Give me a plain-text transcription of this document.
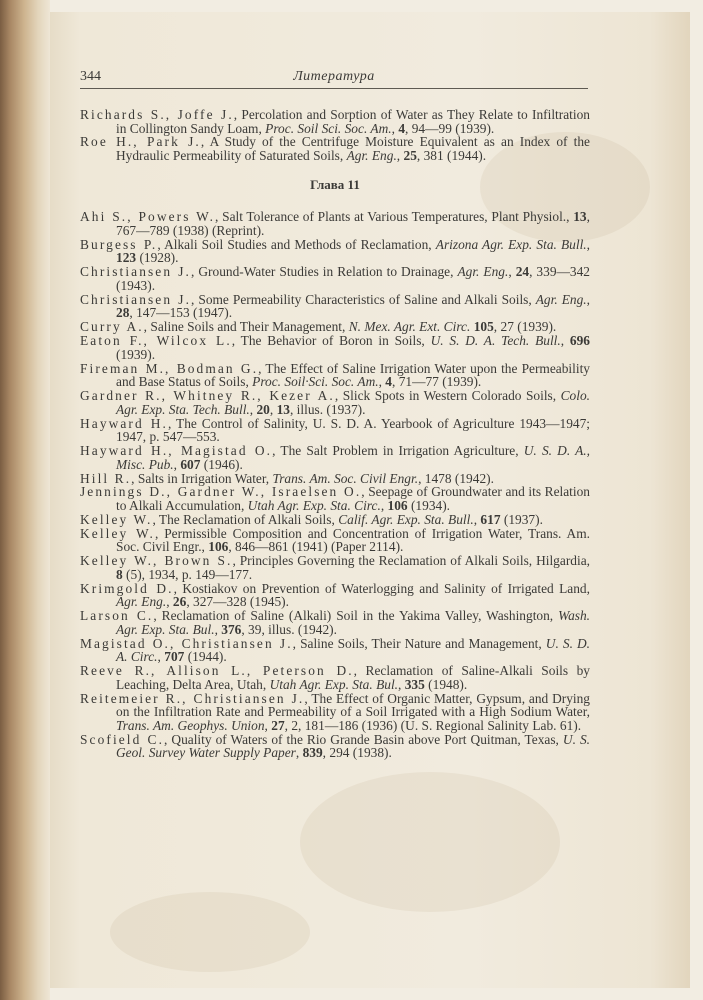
344	Литература

Richards S., Joffe J., Percolation and Sorption of Water as They Relate to Infiltration in Collington Sandy Loam, Proc. Soil Sci. Soc. Am., 4, 94—99 (1939).

Roe H., Park J., A Study of the Centrifuge Moisture Equivalent as an Index of the Hydraulic Permeability of Saturated Soils, Agr. Eng., 25, 381 (1944).

Глава 11

Ahi S., Powers W., Salt Tolerance of Plants at Various Temperatures, Plant Physiol., 13, 767—789 (1938) (Reprint).

Burgess P., Alkali Soil Studies and Methods of Reclamation, Arizona Agr. Exp. Sta. Bull., 123 (1928).

Christiansen J., Ground-Water Studies in Relation to Drainage, Agr. Eng., 24, 339—342 (1943).

Christiansen J., Some Permeability Characteristics of Saline and Alkali Soils, Agr. Eng., 28, 147—153 (1947).

Curry A., Saline Soils and Their Management, N. Mex. Agr. Ext. Circ. 105, 27 (1939).

Eaton F., Wilcox L., The Behavior of Boron in Soils, U. S. D. A. Tech. Bull., 696 (1939).

Fireman M., Bodman G., The Effect of Saline Irrigation Water upon the Permeability and Base Status of Soils, Proc. Soil·Sci. Soc. Am., 4, 71—77 (1939).

Gardner R., Whitney R., Kezer A., Slick Spots in Western Colorado Soils, Colo. Agr. Exp. Sta. Tech. Bull., 20, 13, illus. (1937).

Hayward H., The Control of Salinity, U. S. D. A. Yearbook of Agriculture 1943—1947; 1947, p. 547—553.

Hayward H., Magistad O., The Salt Problem in Irrigation Agriculture, U. S. D. A., Misc. Pub., 607 (1946).

Hill R., Salts in Irrigation Water, Trans. Am. Soc. Civil Engr., 1478 (1942).

Jennings D., Gardner W., Israelsen O., Seepage of Groundwater and its Relation to Alkali Accumulation, Utah Agr. Exp. Sta. Circ., 106 (1934).

Kelley W., The Reclamation of Alkali Soils, Calif. Agr. Exp. Sta. Bull., 617 (1937).

Kelley W., Permissible Composition and Concentration of Irrigation Water, Trans. Am. Soc. Civil Engr., 106, 846—861 (1941) (Paper 2114).

Kelley W., Brown S., Principles Governing the Reclamation of Alkali Soils, Hilgardia, 8 (5), 1934, p. 149—177.

Krimgold D., Kostiakov on Prevention of Waterlogging and Salinity of Irrigated Land, Agr. Eng., 26, 327—328 (1945).

Larson C., Reclamation of Saline (Alkali) Soil in the Yakima Valley, Washington, Wash. Agr. Exp. Sta. Bul., 376, 39, illus. (1942).

Magistad O., Christiansen J., Saline Soils, Their Nature and Management, U. S. D. A. Circ., 707 (1944).

Reeve R., Allison L., Peterson D., Reclamation of Saline-Alkali Soils by Leaching, Delta Area, Utah, Utah Agr. Exp. Sta. Bul., 335 (1948).

Reitemeier R., Christiansen J., The Effect of Organic Matter, Gypsum, and Drying on the Infiltration Rate and Permeability of a Soil Irrigated with a High Sodium Water, Trans. Am. Geophys. Union, 27, 2, 181—186 (1936) (U. S. Regional Salinity Lab. 61).

Scofield C., Quality of Waters of the Rio Grande Basin above Port Quitman, Texas, U. S. Geol. Survey Water Supply Paper, 839, 294 (1938).
